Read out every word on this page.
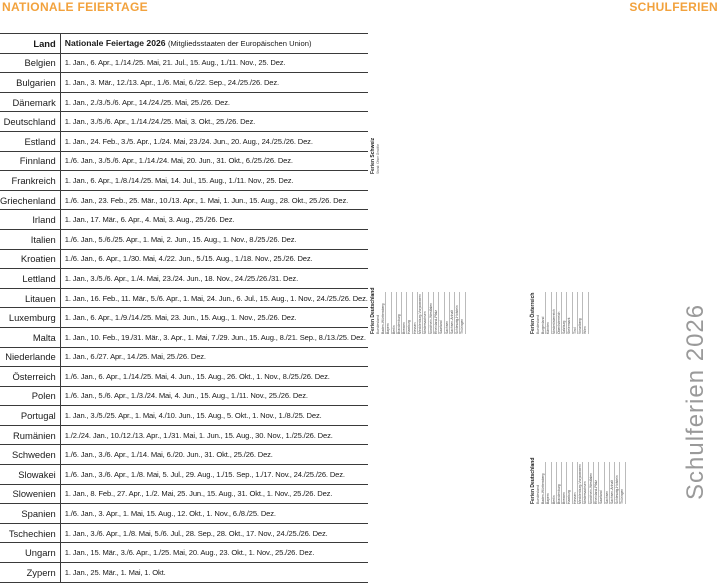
NATIONALE FEIERTAGE	SCHULFERIEN
Land	Nationale Feiertage 2026 (Mitgliedsstaaten der Europäischen Union)
Belgien	1. Jan., 6. Apr., 1./14./25. Mai, 21. Jul., 15. Aug., 1./11. Nov., 25. Dez.
Bulgarien	1. Jan., 3. Mär., 12./13. Apr., 1./6. Mai, 6./22. Sep., 24./25./26. Dez.
Dänemark	1. Jan., 2./3./5./6. Apr., 14./24./25. Mai, 25./26. Dez.
Deutschland	1. Jan., 3./5./6. Apr., 1./14./24./25. Mai, 3. Okt., 25./26. Dez.
Estland	1. Jan., 24. Feb., 3./5. Apr., 1./24. Mai, 23./24. Jun., 20. Aug., 24./25./26. Dez.
Finnland	1./6. Jan., 3./5./6. Apr., 1./14./24. Mai, 20. Jun., 31. Okt., 6./25./26. Dez.
Frankreich	1. Jan., 6. Apr., 1./8./14./25. Mai, 14. Jul., 15. Aug., 1./11. Nov., 25. Dez.
Griechenland	1./6. Jan., 23. Feb., 25. Mär., 10./13. Apr., 1. Mai, 1. Jun., 15. Aug., 28. Okt., 25./26. Dez.
Irland	1. Jan., 17. Mär., 6. Apr., 4. Mai, 3. Aug., 25./26. Dez.
Italien	1./6. Jan., 5./6./25. Apr., 1. Mai, 2. Jun., 15. Aug., 1. Nov., 8./25./26. Dez.
Kroatien	1./6. Jan., 6. Apr., 1./30. Mai, 4./22. Jun., 5./15. Aug., 1./18. Nov., 25./26. Dez.
Lettland	1. Jan., 3./5./6. Apr., 1./4. Mai, 23./24. Jun., 18. Nov., 24./25./26./31. Dez.
Litauen	1. Jan., 16. Feb., 11. Mär., 5./6. Apr., 1. Mai, 24. Jun., 6. Jul., 15. Aug., 1. Nov., 24./25./26. Dez.
Luxemburg	1. Jan., 6. Apr., 1./9./14./25. Mai, 23. Jun., 15. Aug., 1. Nov., 25./26. Dez.
Malta	1. Jan., 10. Feb., 19./31. Mär., 3. Apr., 1. Mai, 7./29. Jun., 15. Aug., 8./21. Sep., 8./13./25. Dez.
Niederlande	1. Jan., 6./27. Apr., 14./25. Mai, 25./26. Dez.
Österreich	1./6. Jan., 6. Apr., 1./14./25. Mai, 4. Jun., 15. Aug., 26. Okt., 1. Nov., 8./25./26. Dez.
Polen	1./6. Jan., 5./6. Apr., 1./3./24. Mai, 4. Jun., 15. Aug., 1./11. Nov., 25./26. Dez.
Portugal	1. Jan., 3./5./25. Apr., 1. Mai, 4./10. Jun., 15. Aug., 5. Okt., 1. Nov., 1./8./25. Dez.
Rumänien	1./2./24. Jan., 10./12./13. Apr., 1./31. Mai, 1. Jun., 15. Aug., 30. Nov., 1./25./26. Dez.
Schweden	1./6. Jan., 3./6. Apr., 1./14. Mai, 6./20. Jun., 31. Okt., 25./26. Dez.
Slowakei	1./6. Jan., 3./6. Apr., 1./8. Mai, 5. Jul., 29. Aug., 1./15. Sep., 1./17. Nov., 24./25./26. Dez.
Slowenien	1. Jan., 8. Feb., 27. Apr., 1./2. Mai, 25. Jun., 15. Aug., 31. Okt., 1. Nov., 25./26. Dez.
Spanien	1./6. Jan., 3. Apr., 1. Mai, 15. Aug., 12. Okt., 1. Nov., 6./8./25. Dez.
Tschechien	1. Jan., 3./6. Apr., 1./8. Mai, 5./6. Jul., 28. Sep., 28. Okt., 17. Nov., 24./25./26. Dez.
Ungarn	1. Jan., 15. Mär., 3./6. Apr., 1./25. Mai, 20. Aug., 23. Okt., 1. Nov., 25./26. Dez.
Zypern	1. Jan., 25. Mär., 1. Mai, 1. Okt.
Schulferien 2026
Ferien Deutschland Bundesland Baden-Württemberg
Bayern
Berlin
Brandenburg
Bremen
Hamburg
Hessen
Mecklenburg-Vorpommern
Niedersachsen
Nordrhein-Westfalen
Rheinland-Pfalz
Saarland
Sachsen
Sachsen-Anhalt
Schleswig-Holstein
Thüringen	Ferien Österreich Bundesland Burgenland
Kärnten
Niederösterreich
Oberösterreich
Salzburg
Steiermark
Tirol
Vorarlberg
Wien
Ferien Deutschland Bundesland Baden-Württemberg
Bayern
Berlin
Brandenburg
Bremen
Hamburg
Hessen
Mecklenburg-Vorpommern
Niedersachsen
Nordrhein-Westfalen
Rheinland-Pfalz
Saarland
Sachsen
Sachsen-Anhalt
Schleswig-Holstein
Thüringen
Ferien Schweiz Stand: Ohne Gewähr
